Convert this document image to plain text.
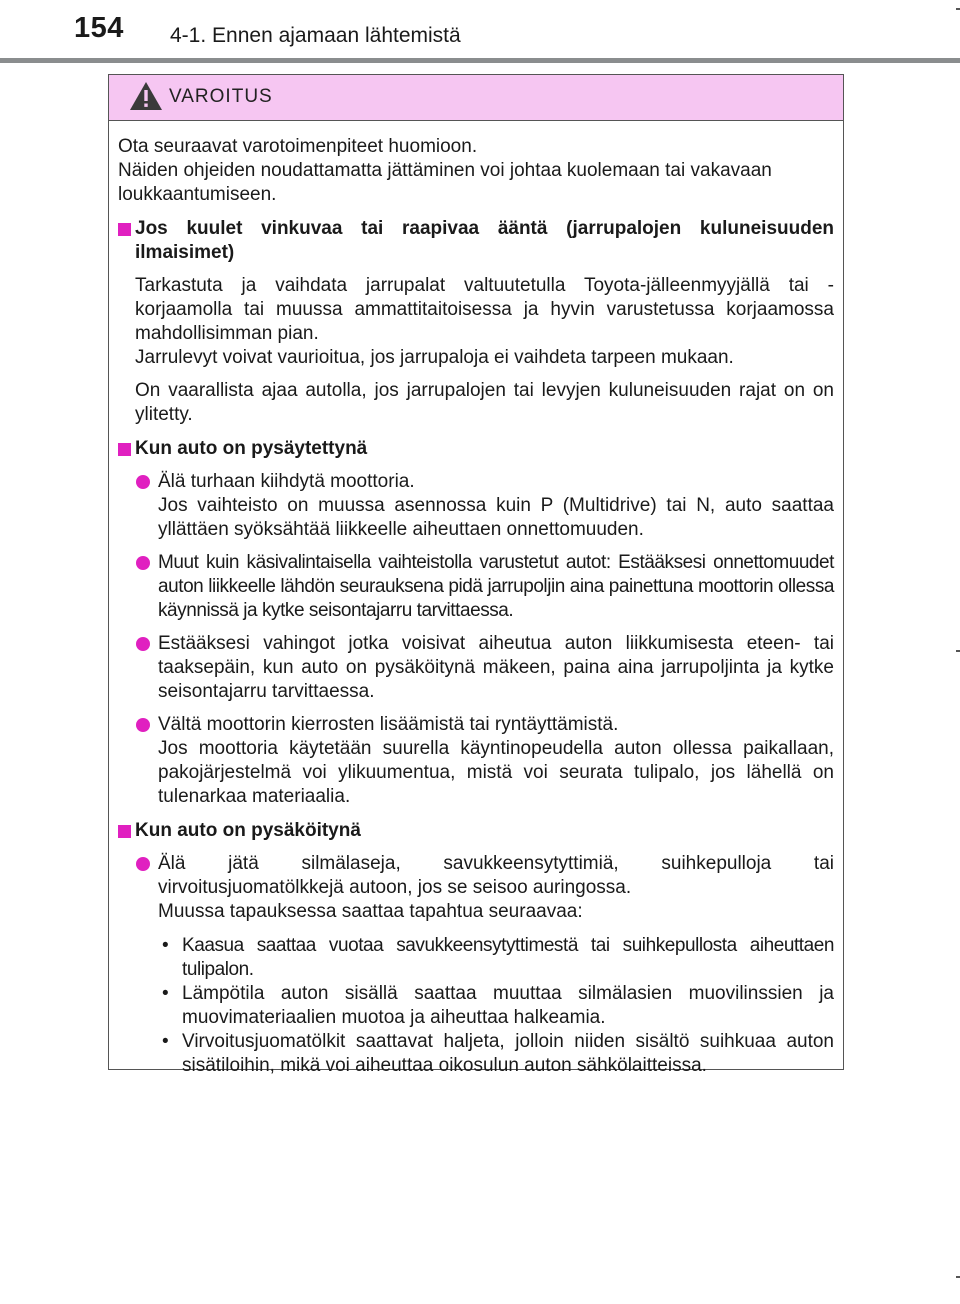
154 4-1. Ennen ajamaan lähtemistä
VAROITUS

Ota seuraavat varotoimenpiteet huomioon.

Näiden ohjeiden noudattamatta jättäminen voi johtaa kuolemaan tai vakavaan loukkaantumiseen.

Jos kuulet vinkuvaa tai raapivaa ääntä (jarrupalojen kuluneisuuden ilmaisimet)

Tarkastuta ja vaihdata jarrupalat valtuutetulla Toyota-jälleenmyyjällä tai -korjaamolla tai muussa ammattitaitoisessa ja hyvin varustetussa korjaamossa mahdollisimman pian.

Jarrulevyt voivat vaurioitua, jos jarrupaloja ei vaihdeta tarpeen mukaan.

On vaarallista ajaa autolla, jos jarrupalojen tai levyjen kuluneisuuden rajat on on ylitetty.

Kun auto on pysäytettynä

Älä turhaan kiihdytä moottoria.

Jos vaihteisto on muussa asennossa kuin P (Multidrive) tai N, auto saattaa yllättäen syöksähtää liikkeelle aiheuttaen onnettomuuden.

Muut kuin käsivalintaisella vaihteistolla varustetut autot: Estääksesi onnettomuudet auton liikkeelle lähdön seurauksena pidä jarrupoljin aina painettuna moottorin ollessa käynnissä ja kytke seisontajarru tarvittaessa.

Estääksesi vahingot jotka voisivat aiheutua auton liikkumisesta eteen- tai taaksepäin, kun auto on pysäköitynä mäkeen, paina aina jarrupoljinta ja kytke seisontajarru tarvittaessa.

Vältä moottorin kierrosten lisäämistä tai ryntäyttämistä.

Jos moottoria käytetään suurella käyntinopeudella auton ollessa paikallaan, pakojärjestelmä voi ylikuumentua, mistä voi seurata tulipalo, jos lähellä on tulenarkaa materiaalia.

Kun auto on pysäköitynä

Älä jätä silmälaseja, savukkeensytyttimiä, suihkepulloja tai virvoitusjuomatölkkejä autoon, jos se seisoo auringossa.

Muussa tapauksessa saattaa tapahtua seuraavaa:

• Kaasua saattaa vuotaa savukkeensytyttimestä tai suihkepullosta aiheuttaen tulipalon.
• Lämpötila auton sisällä saattaa muuttaa silmälasien muovilinssien ja muovimateriaalien muotoa ja aiheuttaa halkeamia.
• Virvoitusjuomatölkit saattavat haljeta, jolloin niiden sisältö suihkuaa auton sisätiloihin, mikä voi aiheuttaa oikosulun auton sähkölaitteissa.
